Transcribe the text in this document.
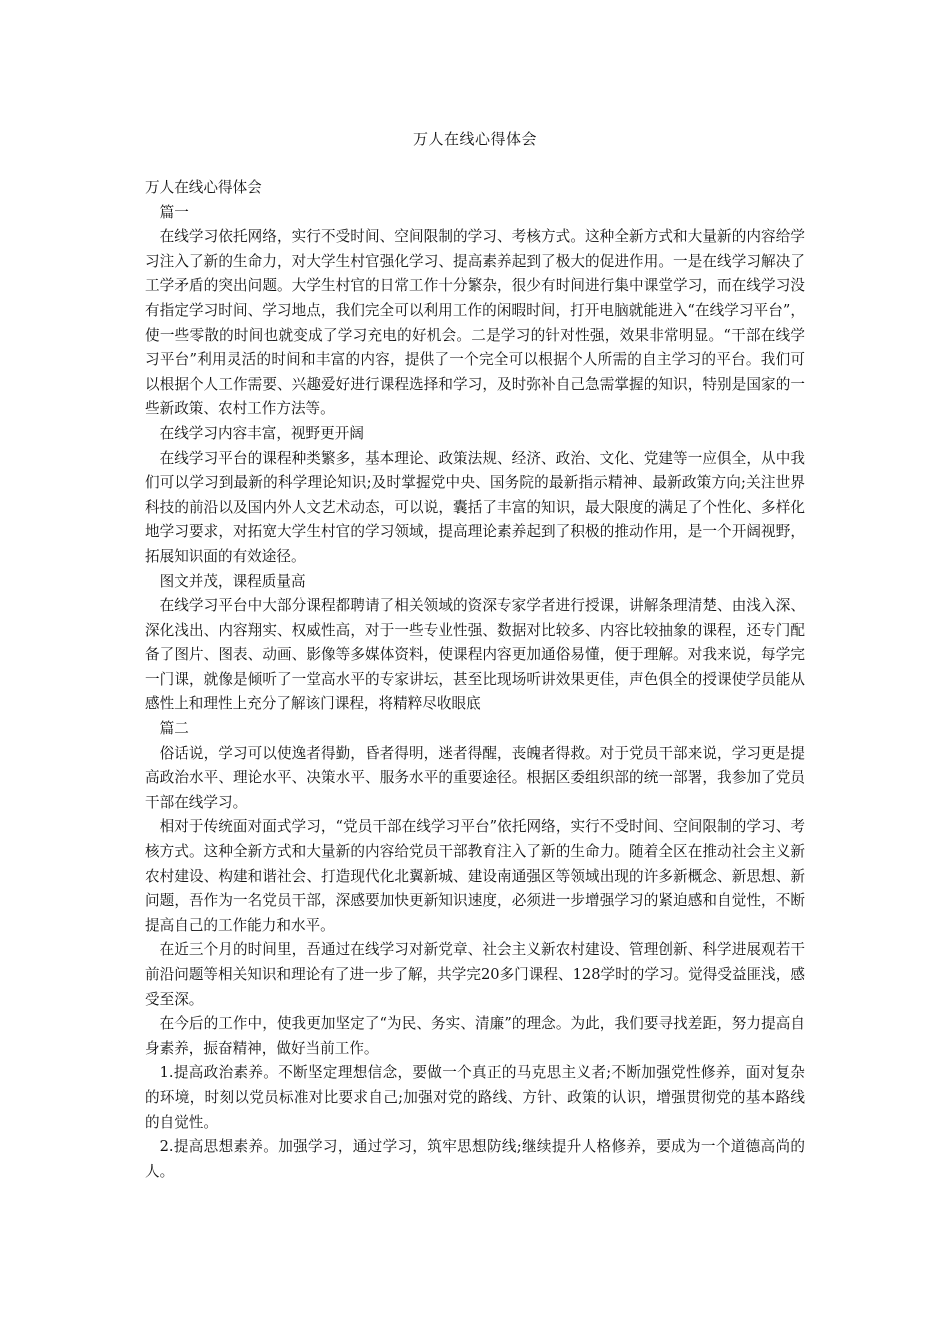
万人在线心得体会

万人在线心得体会

篇一

在线学习依托网络，实行不受时间、空间限制的学习、考核方式。这种全新方式和大量新的内容给学习注入了新的生命力，对大学生村官强化学习、提高素养起到了极大的促进作用。一是在线学习解决了工学矛盾的突出问题。大学生村官的日常工作十分繁杂，很少有时间进行集中课堂学习，而在线学习没有指定学习时间、学习地点，我们完全可以利用工作的闲暇时间，打开电脑就能进入“在线学习平台”，使一些零散的时间也就变成了学习充电的好机会。二是学习的针对性强，效果非常明显。“干部在线学习平台”利用灵活的时间和丰富的内容，提供了一个完全可以根据个人所需的自主学习的平台。我们可以根据个人工作需要、兴趣爱好进行课程选择和学习，及时弥补自己急需掌握的知识，特别是国家的一些新政策、农村工作方法等。

在线学习内容丰富，视野更开阔

在线学习平台的课程种类繁多，基本理论、政策法规、经济、政治、文化、党建等一应俱全，从中我们可以学习到最新的科学理论知识;及时掌握党中央、国务院的最新指示精神、最新政策方向;关注世界科技的前沿以及国内外人文艺术动态，可以说，囊括了丰富的知识，最大限度的满足了个性化、多样化地学习要求，对拓宽大学生村官的学习领域，提高理论素养起到了积极的推动作用，是一个开阔视野，拓展知识面的有效途径。

图文并茂，课程质量高

在线学习平台中大部分课程都聘请了相关领域的资深专家学者进行授课，讲解条理清楚、由浅入深、深化浅出、内容翔实、权威性高，对于一些专业性强、数据对比较多、内容比较抽象的课程，还专门配备了图片、图表、动画、影像等多媒体资料，使课程内容更加通俗易懂，便于理解。对我来说，每学完一门课，就像是倾听了一堂高水平的专家讲坛，甚至比现场听讲效果更佳，声色俱全的授课使学员能从感性上和理性上充分了解该门课程，将精粹尽收眼底

篇二

俗话说，学习可以使逸者得勤，昏者得明，迷者得醒，丧魄者得救。对于党员干部来说，学习更是提高政治水平、理论水平、决策水平、服务水平的重要途径。根据区委组织部的统一部署，我参加了党员干部在线学习。

相对于传统面对面式学习，“党员干部在线学习平台”依托网络，实行不受时间、空间限制的学习、考核方式。这种全新方式和大量新的内容给党员干部教育注入了新的生命力。随着全区在推动社会主义新农村建设、构建和谐社会、打造现代化北翼新城、建设南通强区等领域出现的许多新概念、新思想、新问题，吾作为一名党员干部，深感要加快更新知识速度，必须进一步增强学习的紧迫感和自觉性，不断提高自己的工作能力和水平。

在近三个月的时间里，吾通过在线学习对新党章、社会主义新农村建设、管理创新、科学进展观若干前沿问题等相关知识和理论有了进一步了解，共学完20多门课程、128学时的学习。觉得受益匪浅，感受至深。

在今后的工作中，使我更加坚定了“为民、务实、清廉”的理念。为此，我们要寻找差距，努力提高自身素养，振奋精神，做好当前工作。

1.提高政治素养。不断坚定理想信念，要做一个真正的马克思主义者;不断加强党性修养，面对复杂的环境，时刻以党员标准对比要求自己;加强对党的路线、方针、政策的认识，增强贯彻党的基本路线的自觉性。

2.提高思想素养。加强学习，通过学习，筑牢思想防线;继续提升人格修养，要成为一个道德高尚的人。
